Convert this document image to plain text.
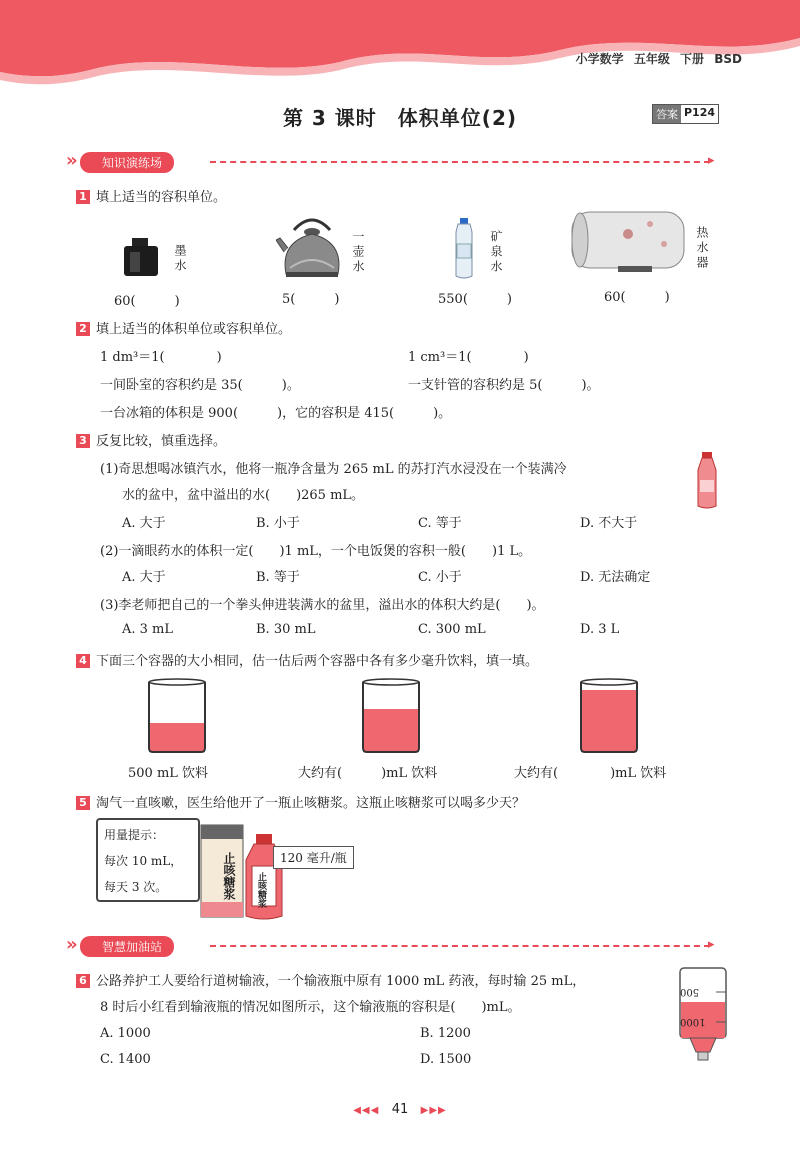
小学数学 五年级 下册 BSD
第 3 课时　体积单位(2)	答案 P124
» 知识演练场	▸
1 填上适当的容积单位。
墨水
60(　　　)
一壶水
5(　　　)
矿泉水
550(　　　)
热水器
60(　　　)
2 填上适当的体积单位或容积单位。
1 dm³＝1(　　　　)	1 cm³＝1(　　　　)
一间卧室的容积约是 35(　　　)。	一支针管的容积约是 5(　　　)。
一台冰箱的体积是 900(　　　)，它的容积是 415(　　　)。
3 反复比较，慎重选择。
(1)奇思想喝冰镇汽水，他将一瓶净含量为 265 mL 的苏打汽水浸没在一个装满冷
水的盆中，盆中溢出的水(　　)265 mL。
A. 大于	B. 小于	C. 等于	D. 不大于
(2)一滴眼药水的体积一定(　　)1 mL，一个电饭煲的容积一般(　　)1 L。
A. 大于	B. 等于	C. 小于	D. 无法确定
(3)李老师把自己的一个拳头伸进装满水的盆里，溢出水的体积大约是(　　)。
A. 3 mL	B. 30 mL	C. 300 mL	D. 3 L
4 下面三个容器的大小相同，估一估后两个容器中各有多少毫升饮料，填一填。
500 mL 饮料	大约有(　　　)mL 饮料	大约有(　　　　)mL 饮料
5 淘气一直咳嗽，医生给他开了一瓶止咳糖浆。这瓶止咳糖浆可以喝多少天？
用量提示：
每次 10 mL，
每天 3 次。	止咳糖浆 止咳糖浆
120 毫升/瓶
» 智慧加油站	▸
6 公路养护工人要给行道树输液，一个输液瓶中原有 1000 mL 药液，每时输 25 mL，
8 时后小红看到输液瓶的情况如图所示，这个输液瓶的容积是(　　)mL。
A. 1000	B. 1200
C. 1400	D. 1500
500
1000
◀◀◀ 41 ▶▶▶
